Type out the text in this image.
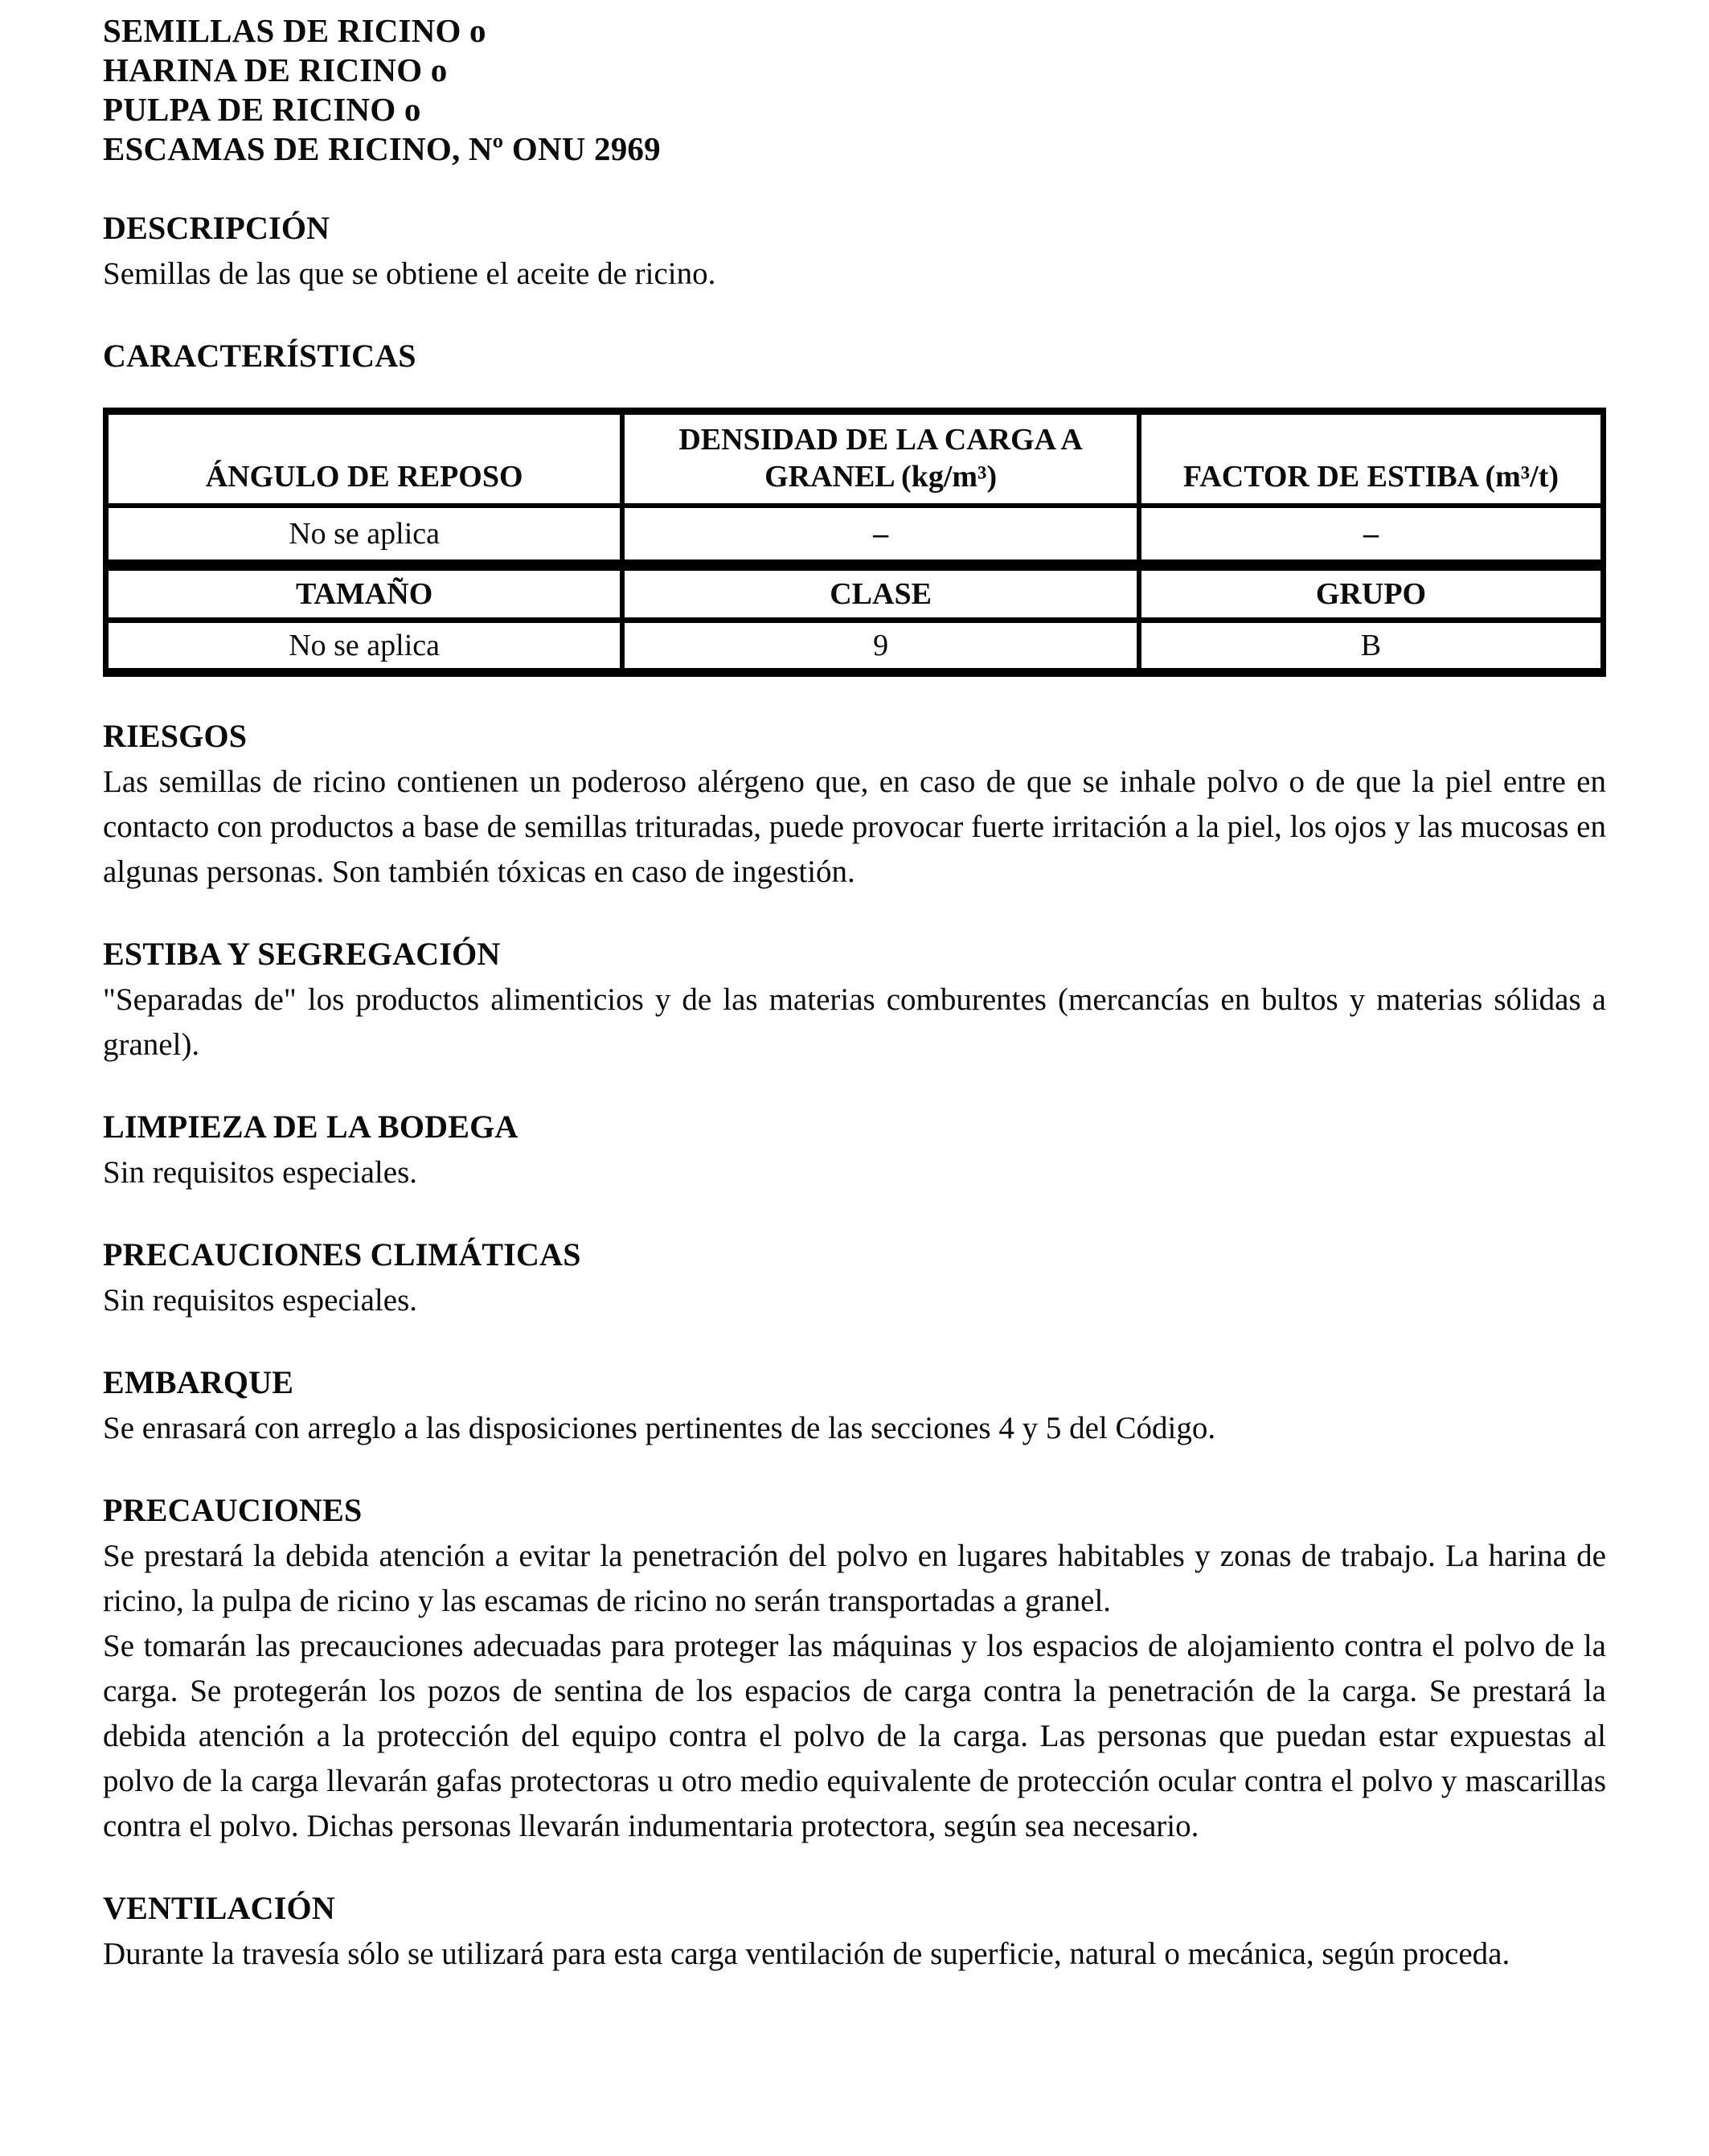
SEMILLAS DE RICINO o
HARINA DE RICINO o
PULPA DE RICINO o
ESCAMAS DE RICINO, Nº ONU 2969
DESCRIPCIÓN

Semillas de las que se obtiene el aceite de ricino.

CARACTERÍSTICAS
ÁNGULO DE REPOSO	DENSIDAD DE LA CARGA A GRANEL (kg/m³)	FACTOR DE ESTIBA (m³/t)
No se aplica	–	–
TAMAÑO	CLASE	GRUPO
No se aplica	9	B
RIESGOS

Las semillas de ricino contienen un poderoso alérgeno que, en caso de que se inhale polvo o de que la piel entre en contacto con productos a base de semillas trituradas, puede provocar fuerte irritación a la piel, los ojos y las mucosas en algunas personas. Son también tóxicas en caso de ingestión.

ESTIBA Y SEGREGACIÓN

"Separadas de" los productos alimenticios y de las materias comburentes (mercancías en bultos y materias sólidas a granel).

LIMPIEZA DE LA BODEGA

Sin requisitos especiales.

PRECAUCIONES CLIMÁTICAS

Sin requisitos especiales.

EMBARQUE

Se enrasará con arreglo a las disposiciones pertinentes de las secciones 4 y 5 del Código.

PRECAUCIONES

Se prestará la debida atención a evitar la penetración del polvo en lugares habitables y zonas de trabajo. La harina de ricino, la pulpa de ricino y las escamas de ricino no serán transportadas a granel.

Se tomarán las precauciones adecuadas para proteger las máquinas y los espacios de alojamiento contra el polvo de la carga. Se protegerán los pozos de sentina de los espacios de carga contra la penetración de la carga. Se prestará la debida atención a la protección del equipo contra el polvo de la carga. Las personas que puedan estar expuestas al polvo de la carga llevarán gafas protectoras u otro medio equivalente de protección ocular contra el polvo y mascarillas contra el polvo. Dichas personas llevarán indumentaria protectora, según sea necesario.

VENTILACIÓN

Durante la travesía sólo se utilizará para esta carga ventilación de superficie, natural o mecánica, según proceda.
